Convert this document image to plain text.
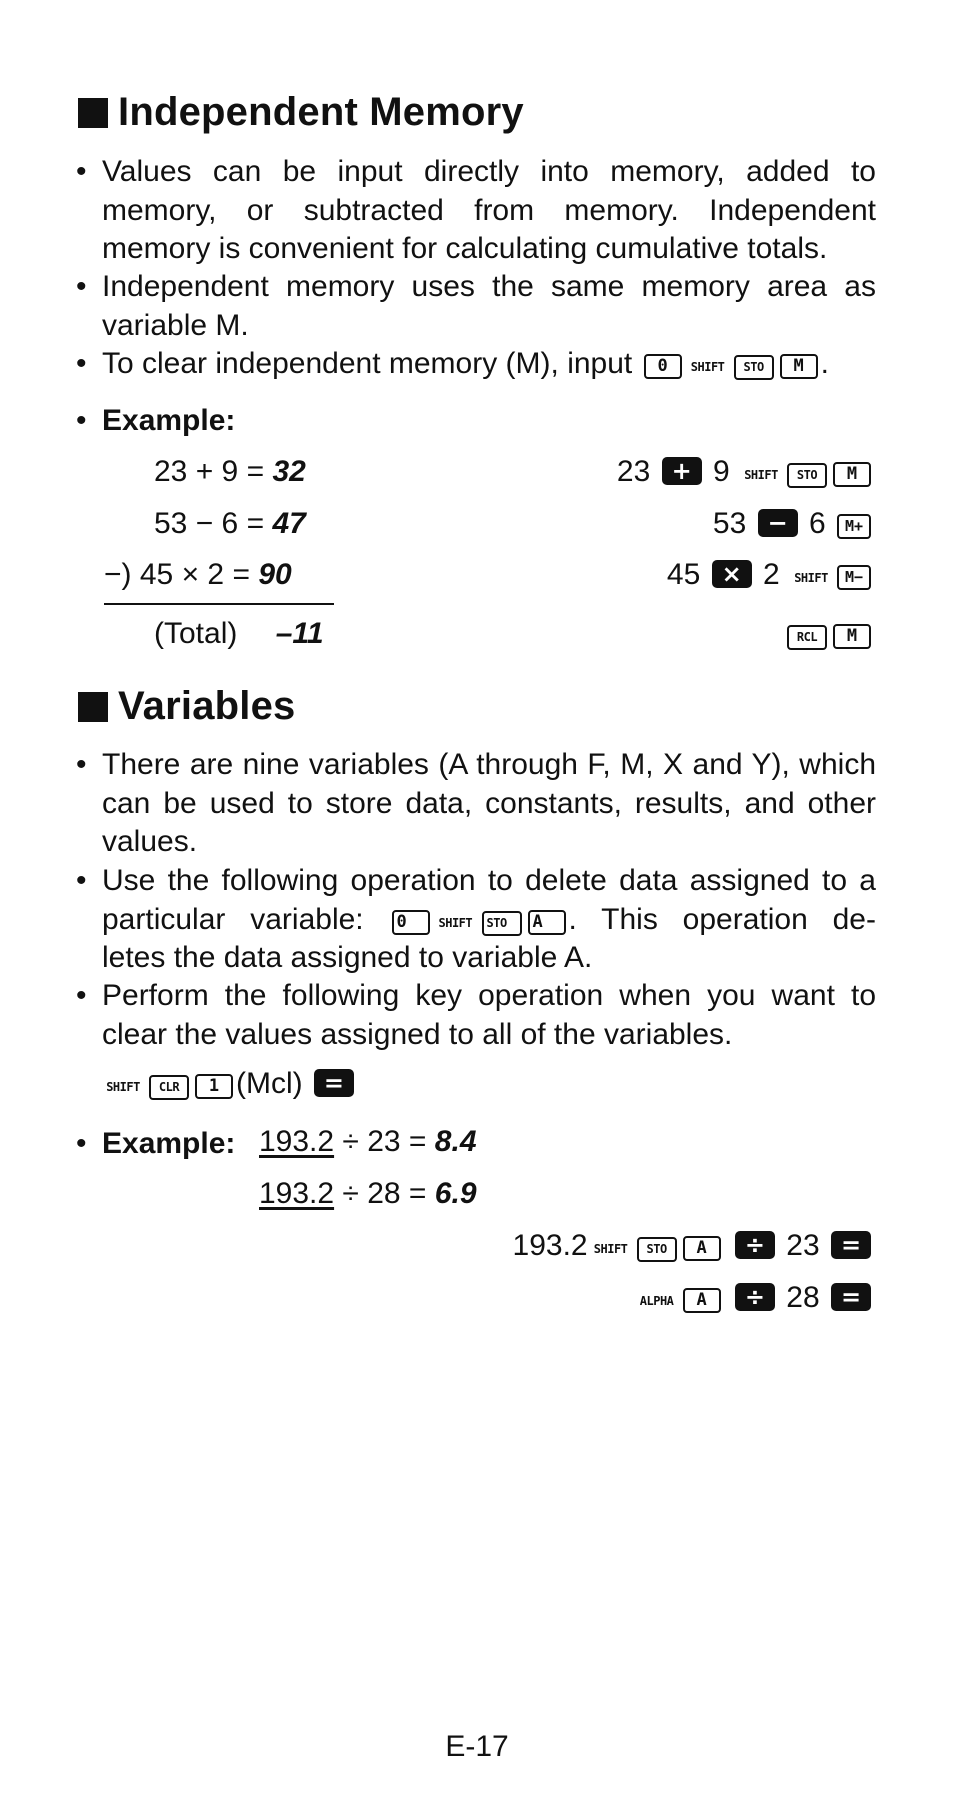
Independent Memory
• Values can be input directly into memory, added to
memory, or subtracted from memory. Independent
memory is convenient for calculating cumulative totals.
• Independent memory uses the same memory area as
variable M.
• To clear independent memory (M), input 0 SHIFT STO M .
• Example:
23 + 9 = 32
53 − 6 = 47
−) 45 × 2 = 90
(Total) –11
23 + 9 SHIFT STO M
53 − 6 M+
45 × 2 SHIFT M−
RCL M
Variables
• There are nine variables (A through F, M, X and Y), which
can be used to store data, constants, results, and other
values.
• Use the following operation to delete data assigned to a
particular variable: 0	SHIFT STO A . This operation de-
letes the data assigned to variable A.
• Perform the following key operation when you want to
clear the values assigned to all of the variables.
SHIFT CLR 1 (Mcl) =
• Example: 193.2 ÷ 23 = 8.4
193.2 ÷ 28 = 6.9
193.2 SHIFT STO A ÷ 23 =
ALPHA A ÷ 28 =
E-17
